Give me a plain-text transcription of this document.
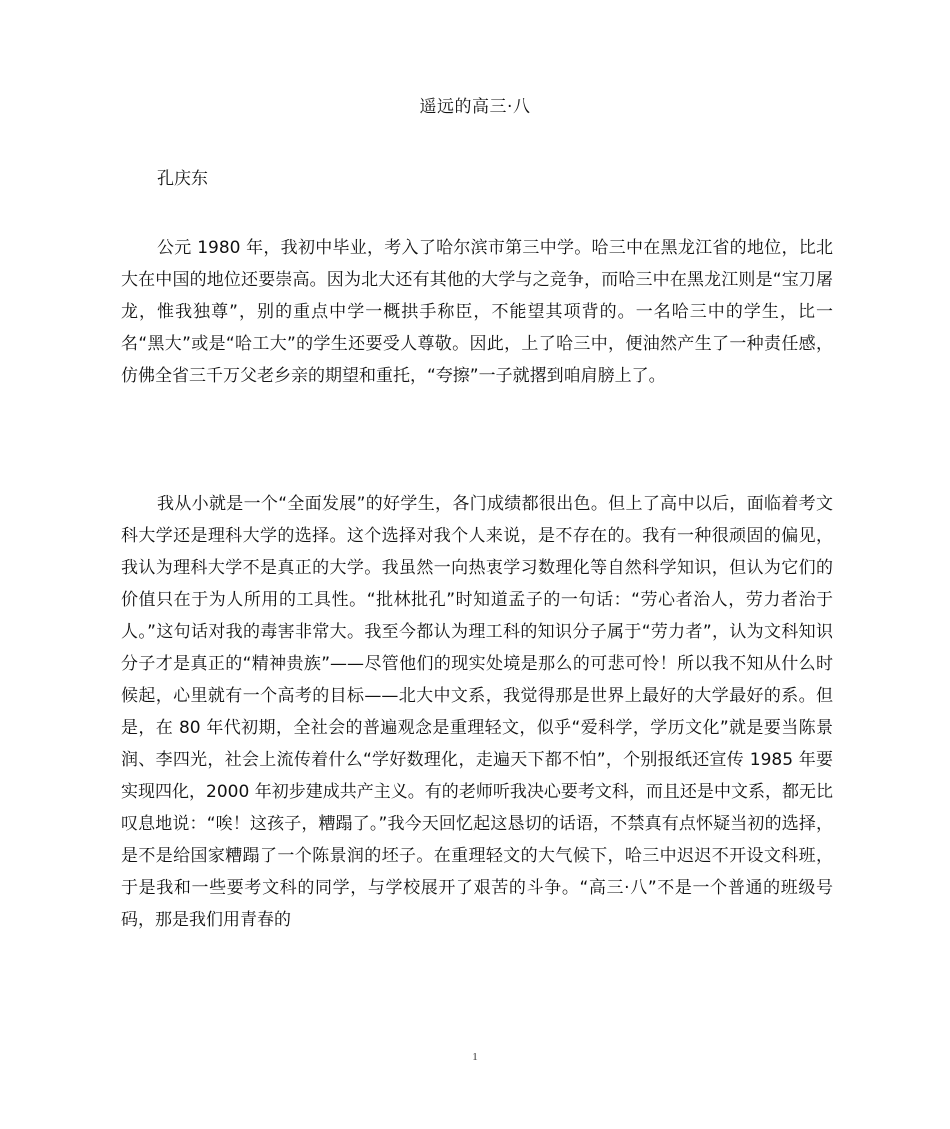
遥远的高三·八
孔庆东

公元 1980 年，我初中毕业，考入了哈尔滨市第三中学。哈三中在黑龙江省的地位，比北大在中国的地位还要崇高。因为北大还有其他的大学与之竞争，而哈三中在黑龙江则是“宝刀屠龙，惟我独尊”，别的重点中学一概拱手称臣，不能望其项背的。一名哈三中的学生，比一名“黑大”或是“哈工大”的学生还要受人尊敬。因此，上了哈三中，便油然产生了一种责任感，仿佛全省三千万父老乡亲的期望和重托，“夸擦”一子就撂到咱肩膀上了。

我从小就是一个“全面发展”的好学生，各门成绩都很出色。但上了高中以后，面临着考文科大学还是理科大学的选择。这个选择对我个人来说，是不存在的。我有一种很顽固的偏见，我认为理科大学不是真正的大学。我虽然一向热衷学习数理化等自然科学知识，但认为它们的价值只在于为人所用的工具性。“批林批孔”时知道孟子的一句话：“劳心者治人，劳力者治于人。”这句话对我的毒害非常大。我至今都认为理工科的知识分子属于“劳力者”，认为文科知识分子才是真正的“精神贵族”——尽管他们的现实处境是那么的可悲可怜！所以我不知从什么时候起，心里就有一个高考的目标——北大中文系，我觉得那是世界上最好的大学最好的系。但是，在 80 年代初期，全社会的普遍观念是重理轻文，似乎“爱科学，学历文化”就是要当陈景润、李四光，社会上流传着什么“学好数理化，走遍天下都不怕”，个别报纸还宣传 1985 年要实现四化，2000 年初步建成共产主义。有的老师听我决心要考文科，而且还是中文系，都无比叹息地说：“唉！这孩子，糟蹋了。”我今天回忆起这恳切的话语，不禁真有点怀疑当初的选择，是不是给国家糟蹋了一个陈景润的坯子。在重理轻文的大气候下，哈三中迟迟不开设文科班，于是我和一些要考文科的同学，与学校展开了艰苦的斗争。“高三·八”不是一个普通的班级号码，那是我们用青春的

1
